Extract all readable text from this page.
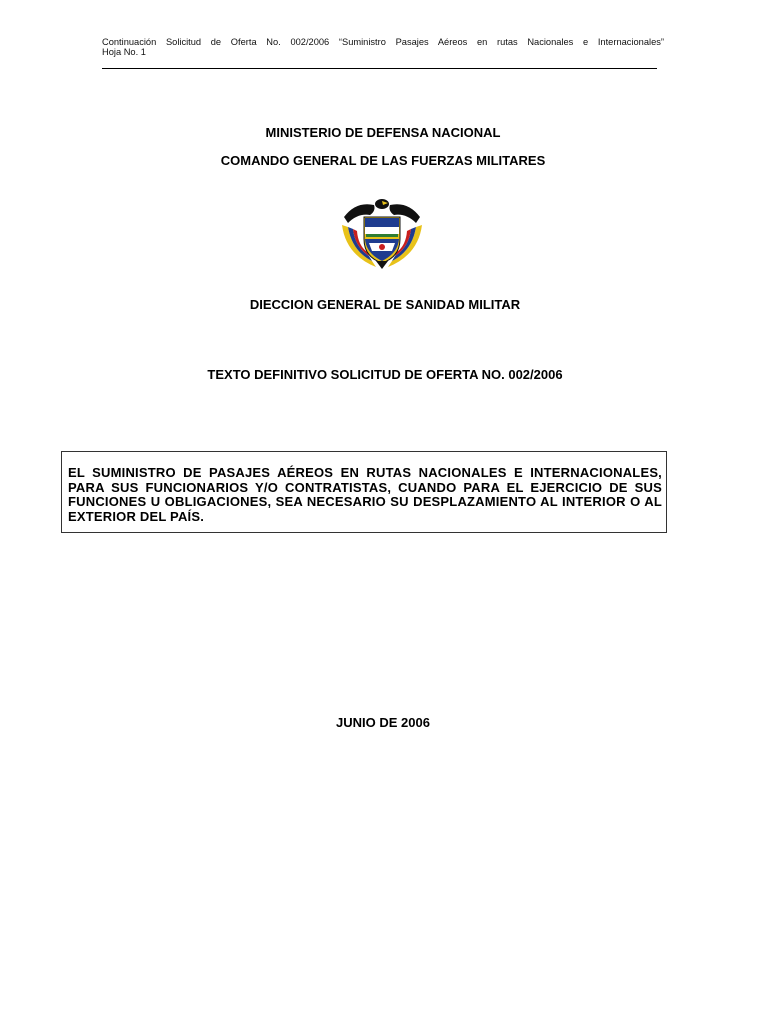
Continuación Solicitud de Oferta No. 002/2006 “Suministro Pasajes Aéreos en rutas Nacionales e Internacionales”
Hoja No. 1
MINISTERIO DE DEFENSA NACIONAL
COMANDO GENERAL DE LAS FUERZAS MILITARES
DIECCION GENERAL DE SANIDAD MILITAR
TEXTO DEFINITIVO SOLICITUD DE OFERTA NO. 002/2006
EL SUMINISTRO DE PASAJES AÉREOS EN RUTAS NACIONALES E INTERNACIONALES, PARA SUS FUNCIONARIOS Y/O CONTRATISTAS, CUANDO PARA EL EJERCICIO DE SUS FUNCIONES U OBLIGACIONES, SEA NECESARIO SU DESPLAZAMIENTO AL INTERIOR O AL EXTERIOR DEL PAÍS.
JUNIO DE 2006
